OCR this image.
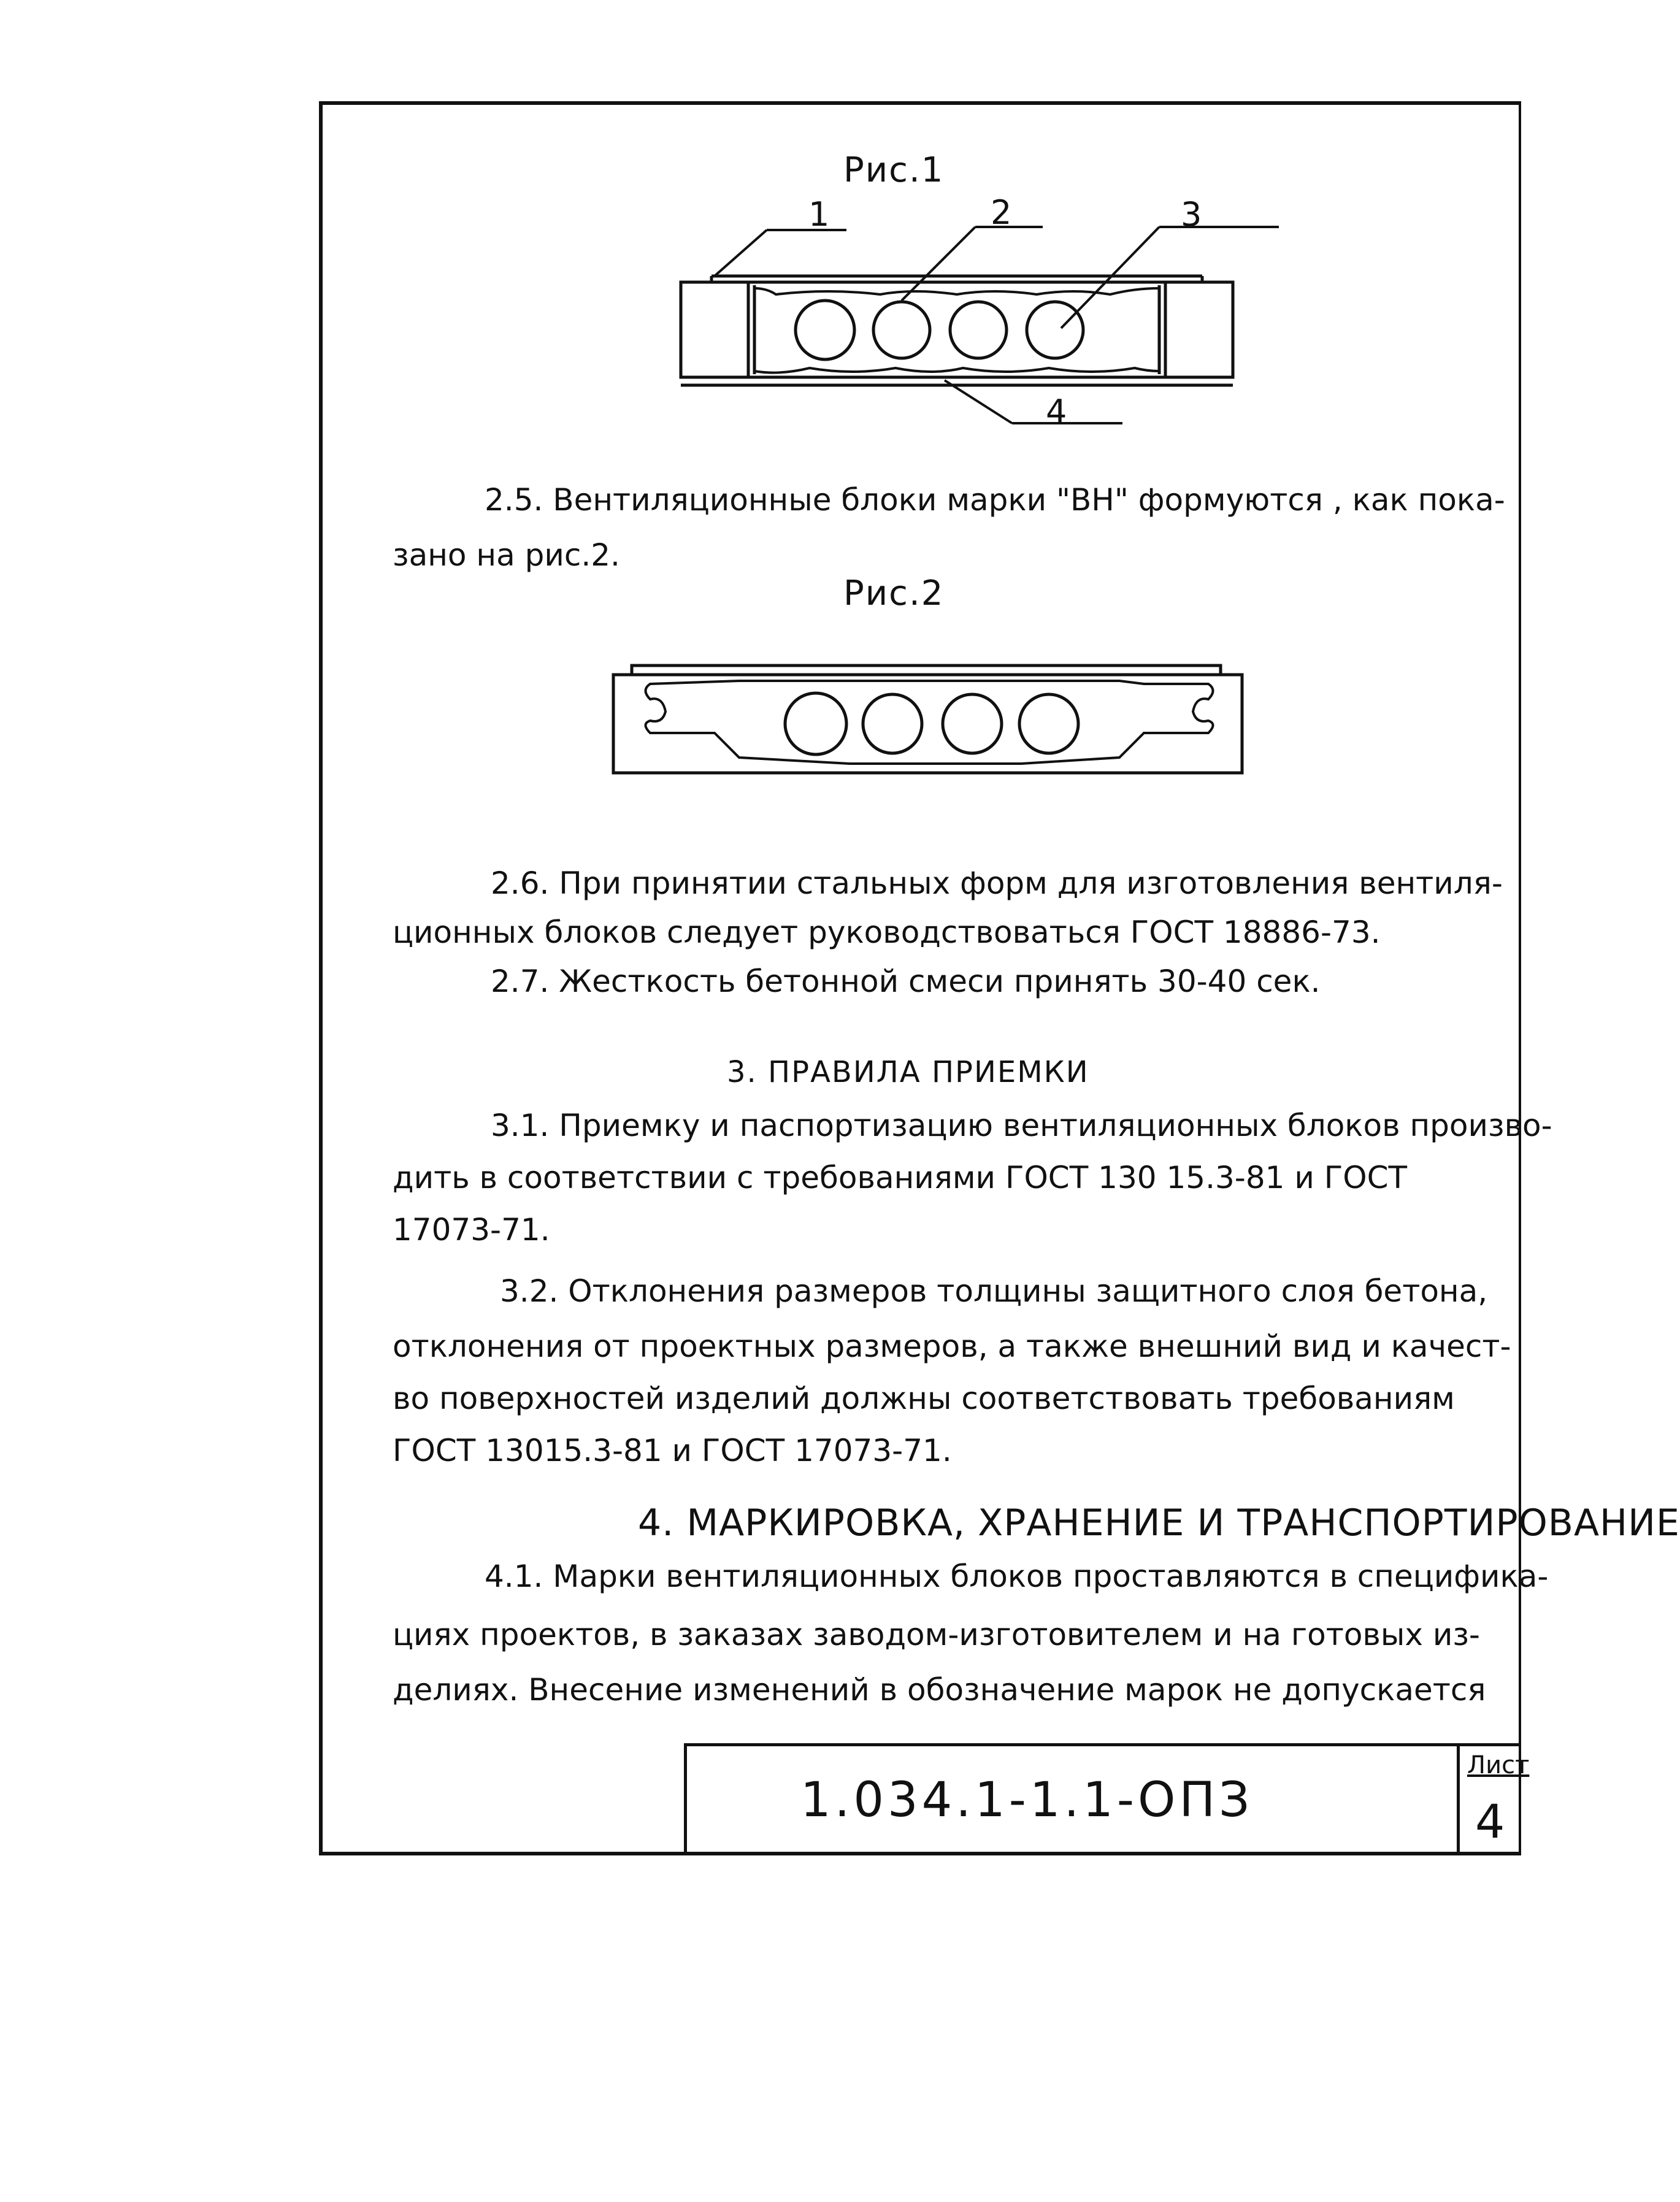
Рис.1
1	2	3
4
2.5. Вентиляционные блоки марки "ВН" формуются , как пока-
зано на рис.2.
Рис.2
2.6. При принятии стальных форм для изготовления вентиля-
ционных блоков следует руководствоваться ГОСТ 18886-73.
2.7. Жесткость бетонной смеси принять 30-40 сек.
3. ПРАВИЛА ПРИЕМКИ
3.1. Приемку и паспортизацию вентиляционных блоков произво-
дить в соответствии с требованиями ГОСТ 130 15.3-81 и ГОСТ
17073-71.
3.2. Отклонения размеров толщины защитного слоя бетона,
отклонения от проектных размеров, а также внешний вид и качест-
во поверхностей изделий должны соответствовать требованиям
ГОСТ 13015.3-81 и ГОСТ 17073-71.
4. МАРКИРОВКА, ХРАНЕНИЕ И ТРАНСПОРТИРОВАНИЕ
4.1. Марки вентиляционных блоков проставляются в специфика-
циях проектов, в заказах заводом-изготовителем и на готовых из-
делиях. Внесение изменений в обозначение марок не допускается
1.034.1-1.1-ОПЗ
Лист
4
